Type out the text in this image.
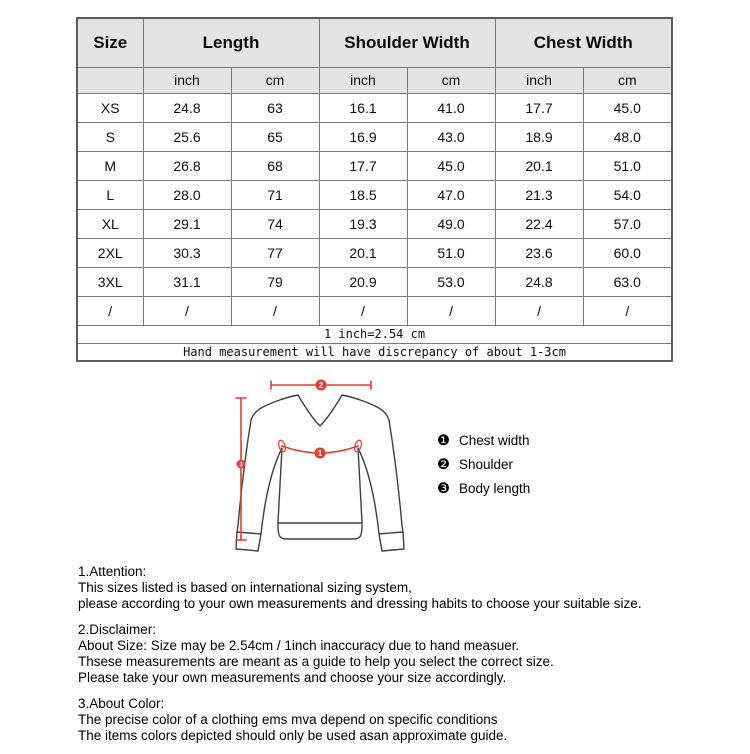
Size	Length		Shoulder Width		Chest Width	
	inch	cm	inch	cm	inch	cm
XS	24.8	63	16.1	41.0	17.7	45.0
S	25.6	65	16.9	43.0	18.9	48.0
M	26.8	68	17.7	45.0	20.1	51.0
L	28.0	71	18.5	47.0	21.3	54.0
XL	29.1	74	19.3	49.0	22.4	57.0
2XL	30.3	77	20.1	51.0	23.6	60.0
3XL	31.1	79	20.9	53.0	24.8	63.0
/	/	/	/	/	/	/
1 inch=2.54 cm						
Hand measurement will have discrepancy of about 1-3cm						
2
1
3
❶ Chest width
❷ Shoulder
❸ Body length

1.Attention:

This sizes listed is based on international sizing system,

please according to your own measurements and dressing habits to choose your suitable size.

2.Disclaimer:

About Size: Size may be 2.54cm / 1inch inaccuracy due to hand measuer.

Thsese measurements are meant as a guide to help you select the correct size.

Please take your own measurements and choose your size accordingly.

3.About Color:

The precise color of a clothing ems mva depend on specific conditions

The items colors depicted should only be used asan approximate guide.
